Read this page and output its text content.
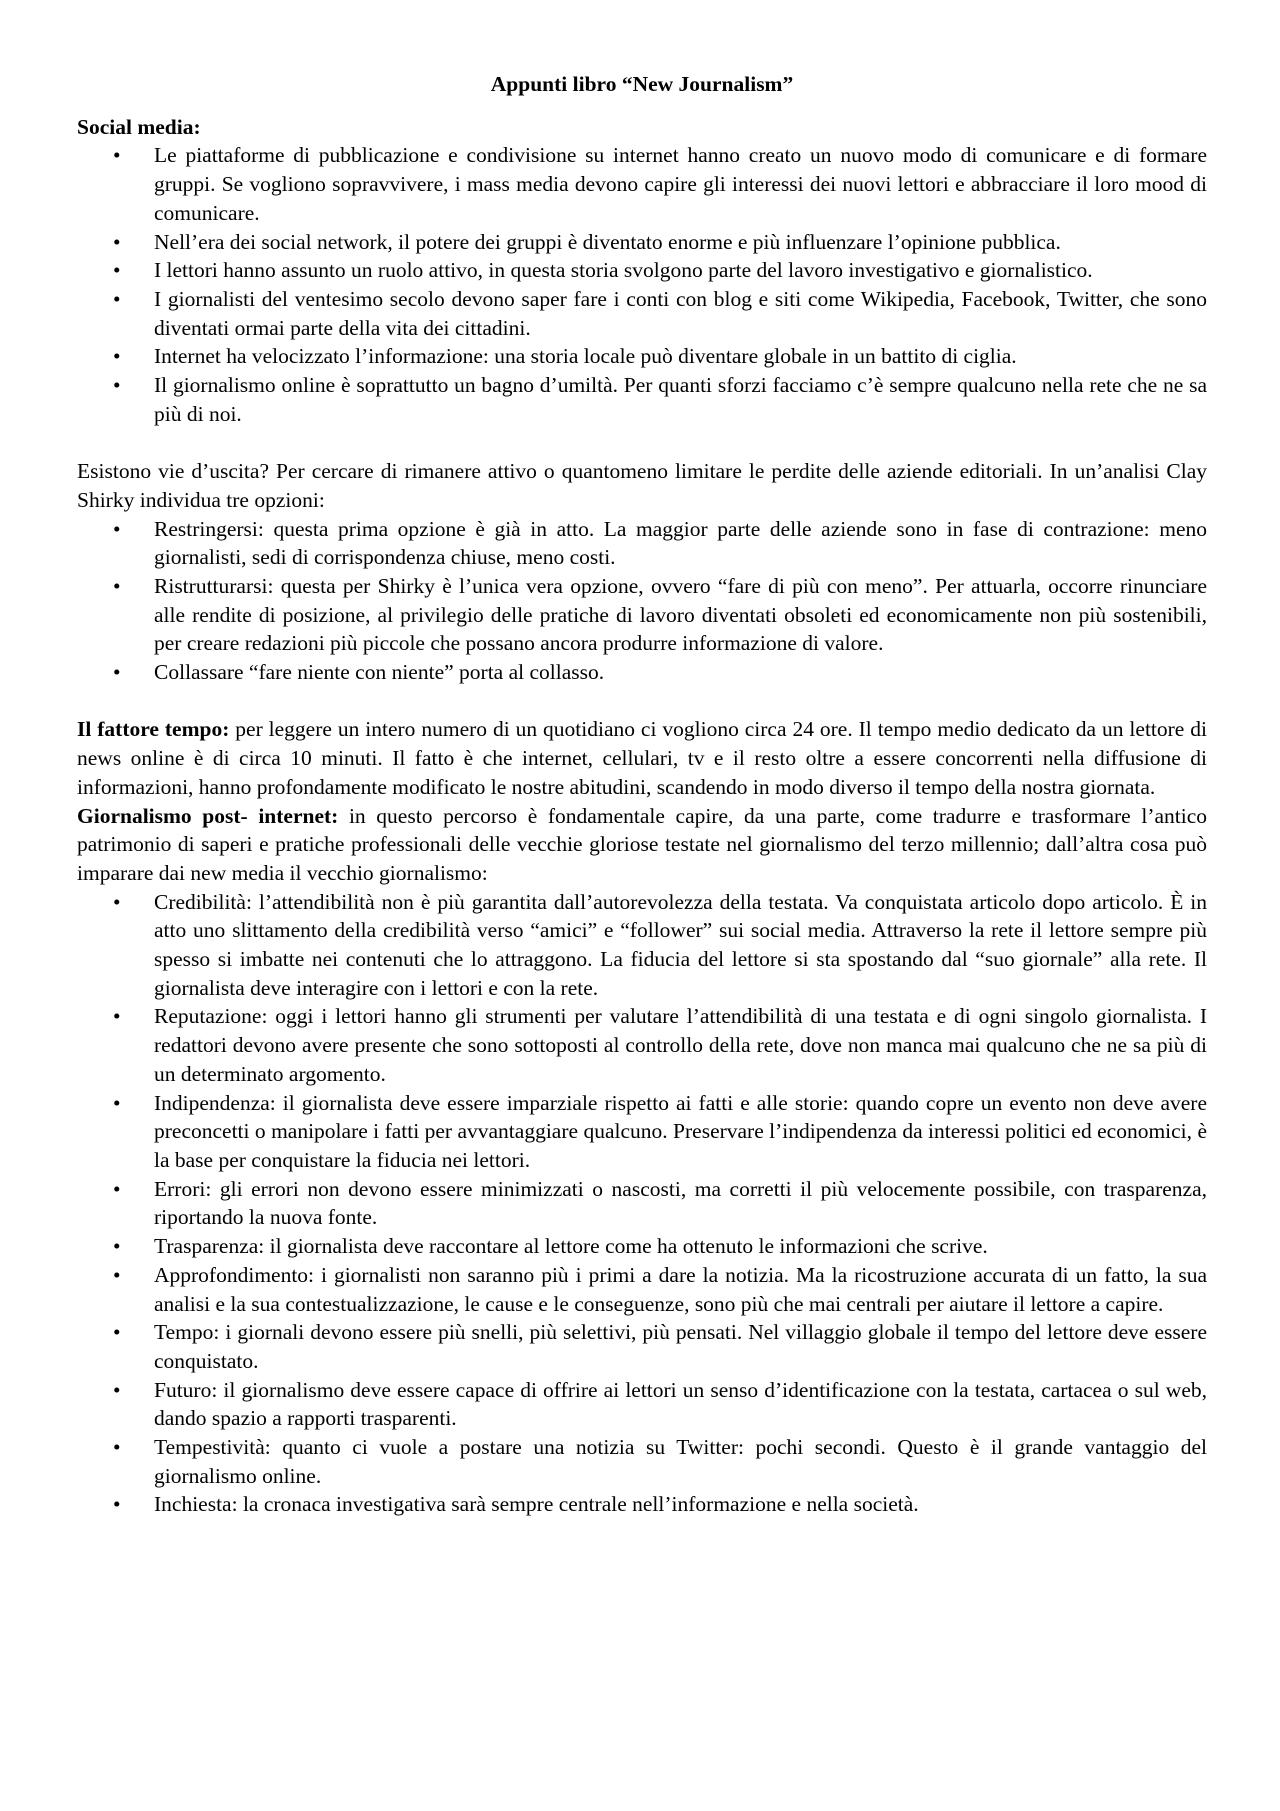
Appunti libro “New Journalism”

Social media:

• Le piattaforme di pubblicazione e condivisione su internet hanno creato un nuovo modo di comunicare e di formare gruppi. Se vogliono sopravvivere, i mass media devono capire gli interessi dei nuovi lettori e abbracciare il loro mood di comunicare.
• Nell’era dei social network, il potere dei gruppi è diventato enorme e più influenzare l’opinione pubblica.
• I lettori hanno assunto un ruolo attivo, in questa storia svolgono parte del lavoro investigativo e giornalistico.
• I giornalisti del ventesimo secolo devono saper fare i conti con blog e siti come Wikipedia, Facebook, Twitter, che sono diventati ormai parte della vita dei cittadini.
• Internet ha velocizzato l’informazione: una storia locale può diventare globale in un battito di ciglia.
• Il giornalismo online è soprattutto un bagno d’umiltà. Per quanti sforzi facciamo c’è sempre qualcuno nella rete che ne sa più di noi.

Esistono vie d’uscita? Per cercare di rimanere attivo o quantomeno limitare le perdite delle aziende editoriali. In un’analisi Clay Shirky individua tre opzioni:

• Restringersi: questa prima opzione è già in atto. La maggior parte delle aziende sono in fase di contrazione: meno giornalisti, sedi di corrispondenza chiuse, meno costi.
• Ristrutturarsi: questa per Shirky è l’unica vera opzione, ovvero “fare di più con meno”. Per attuarla, occorre rinunciare alle rendite di posizione, al privilegio delle pratiche di lavoro diventati obsoleti ed economicamente non più sostenibili, per creare redazioni più piccole che possano ancora produrre informazione di valore.
• Collassare “fare niente con niente” porta al collasso.

Il fattore tempo: per leggere un intero numero di un quotidiano ci vogliono circa 24 ore. Il tempo medio dedicato da un lettore di news online è di circa 10 minuti. Il fatto è che internet, cellulari, tv e il resto oltre a essere concorrenti nella diffusione di informazioni, hanno profondamente modificato le nostre abitudini, scandendo in modo diverso il tempo della nostra giornata.

Giornalismo post- internet: in questo percorso è fondamentale capire, da una parte, come tradurre e trasformare l’antico patrimonio di saperi e pratiche professionali delle vecchie gloriose testate nel giornalismo del terzo millennio; dall’altra cosa può imparare dai new media il vecchio giornalismo:

• Credibilità: l’attendibilità non è più garantita dall’autorevolezza della testata. Va conquistata articolo dopo articolo. È in atto uno slittamento della credibilità verso “amici” e “follower” sui social media. Attraverso la rete il lettore sempre più spesso si imbatte nei contenuti che lo attraggono. La fiducia del lettore si sta spostando dal “suo giornale” alla rete. Il giornalista deve interagire con i lettori e con la rete.
• Reputazione: oggi i lettori hanno gli strumenti per valutare l’attendibilità di una testata e di ogni singolo giornalista. I redattori devono avere presente che sono sottoposti al controllo della rete, dove non manca mai qualcuno che ne sa più di un determinato argomento.
• Indipendenza: il giornalista deve essere imparziale rispetto ai fatti e alle storie: quando copre un evento non deve avere preconcetti o manipolare i fatti per avvantaggiare qualcuno. Preservare l’indipendenza da interessi politici ed economici, è la base per conquistare la fiducia nei lettori.
• Errori: gli errori non devono essere minimizzati o nascosti, ma corretti il più velocemente possibile, con trasparenza, riportando la nuova fonte.
• Trasparenza: il giornalista deve raccontare al lettore come ha ottenuto le informazioni che scrive.
• Approfondimento: i giornalisti non saranno più i primi a dare la notizia. Ma la ricostruzione accurata di un fatto, la sua analisi e la sua contestualizzazione, le cause e le conseguenze, sono più che mai centrali per aiutare il lettore a capire.
• Tempo: i giornali devono essere più snelli, più selettivi, più pensati. Nel villaggio globale il tempo del lettore deve essere conquistato.
• Futuro: il giornalismo deve essere capace di offrire ai lettori un senso d’identificazione con la testata, cartacea o sul web, dando spazio a rapporti trasparenti.
• Tempestività: quanto ci vuole a postare una notizia su Twitter: pochi secondi. Questo è il grande vantaggio del giornalismo online.
• Inchiesta: la cronaca investigativa sarà sempre centrale nell’informazione e nella società.
